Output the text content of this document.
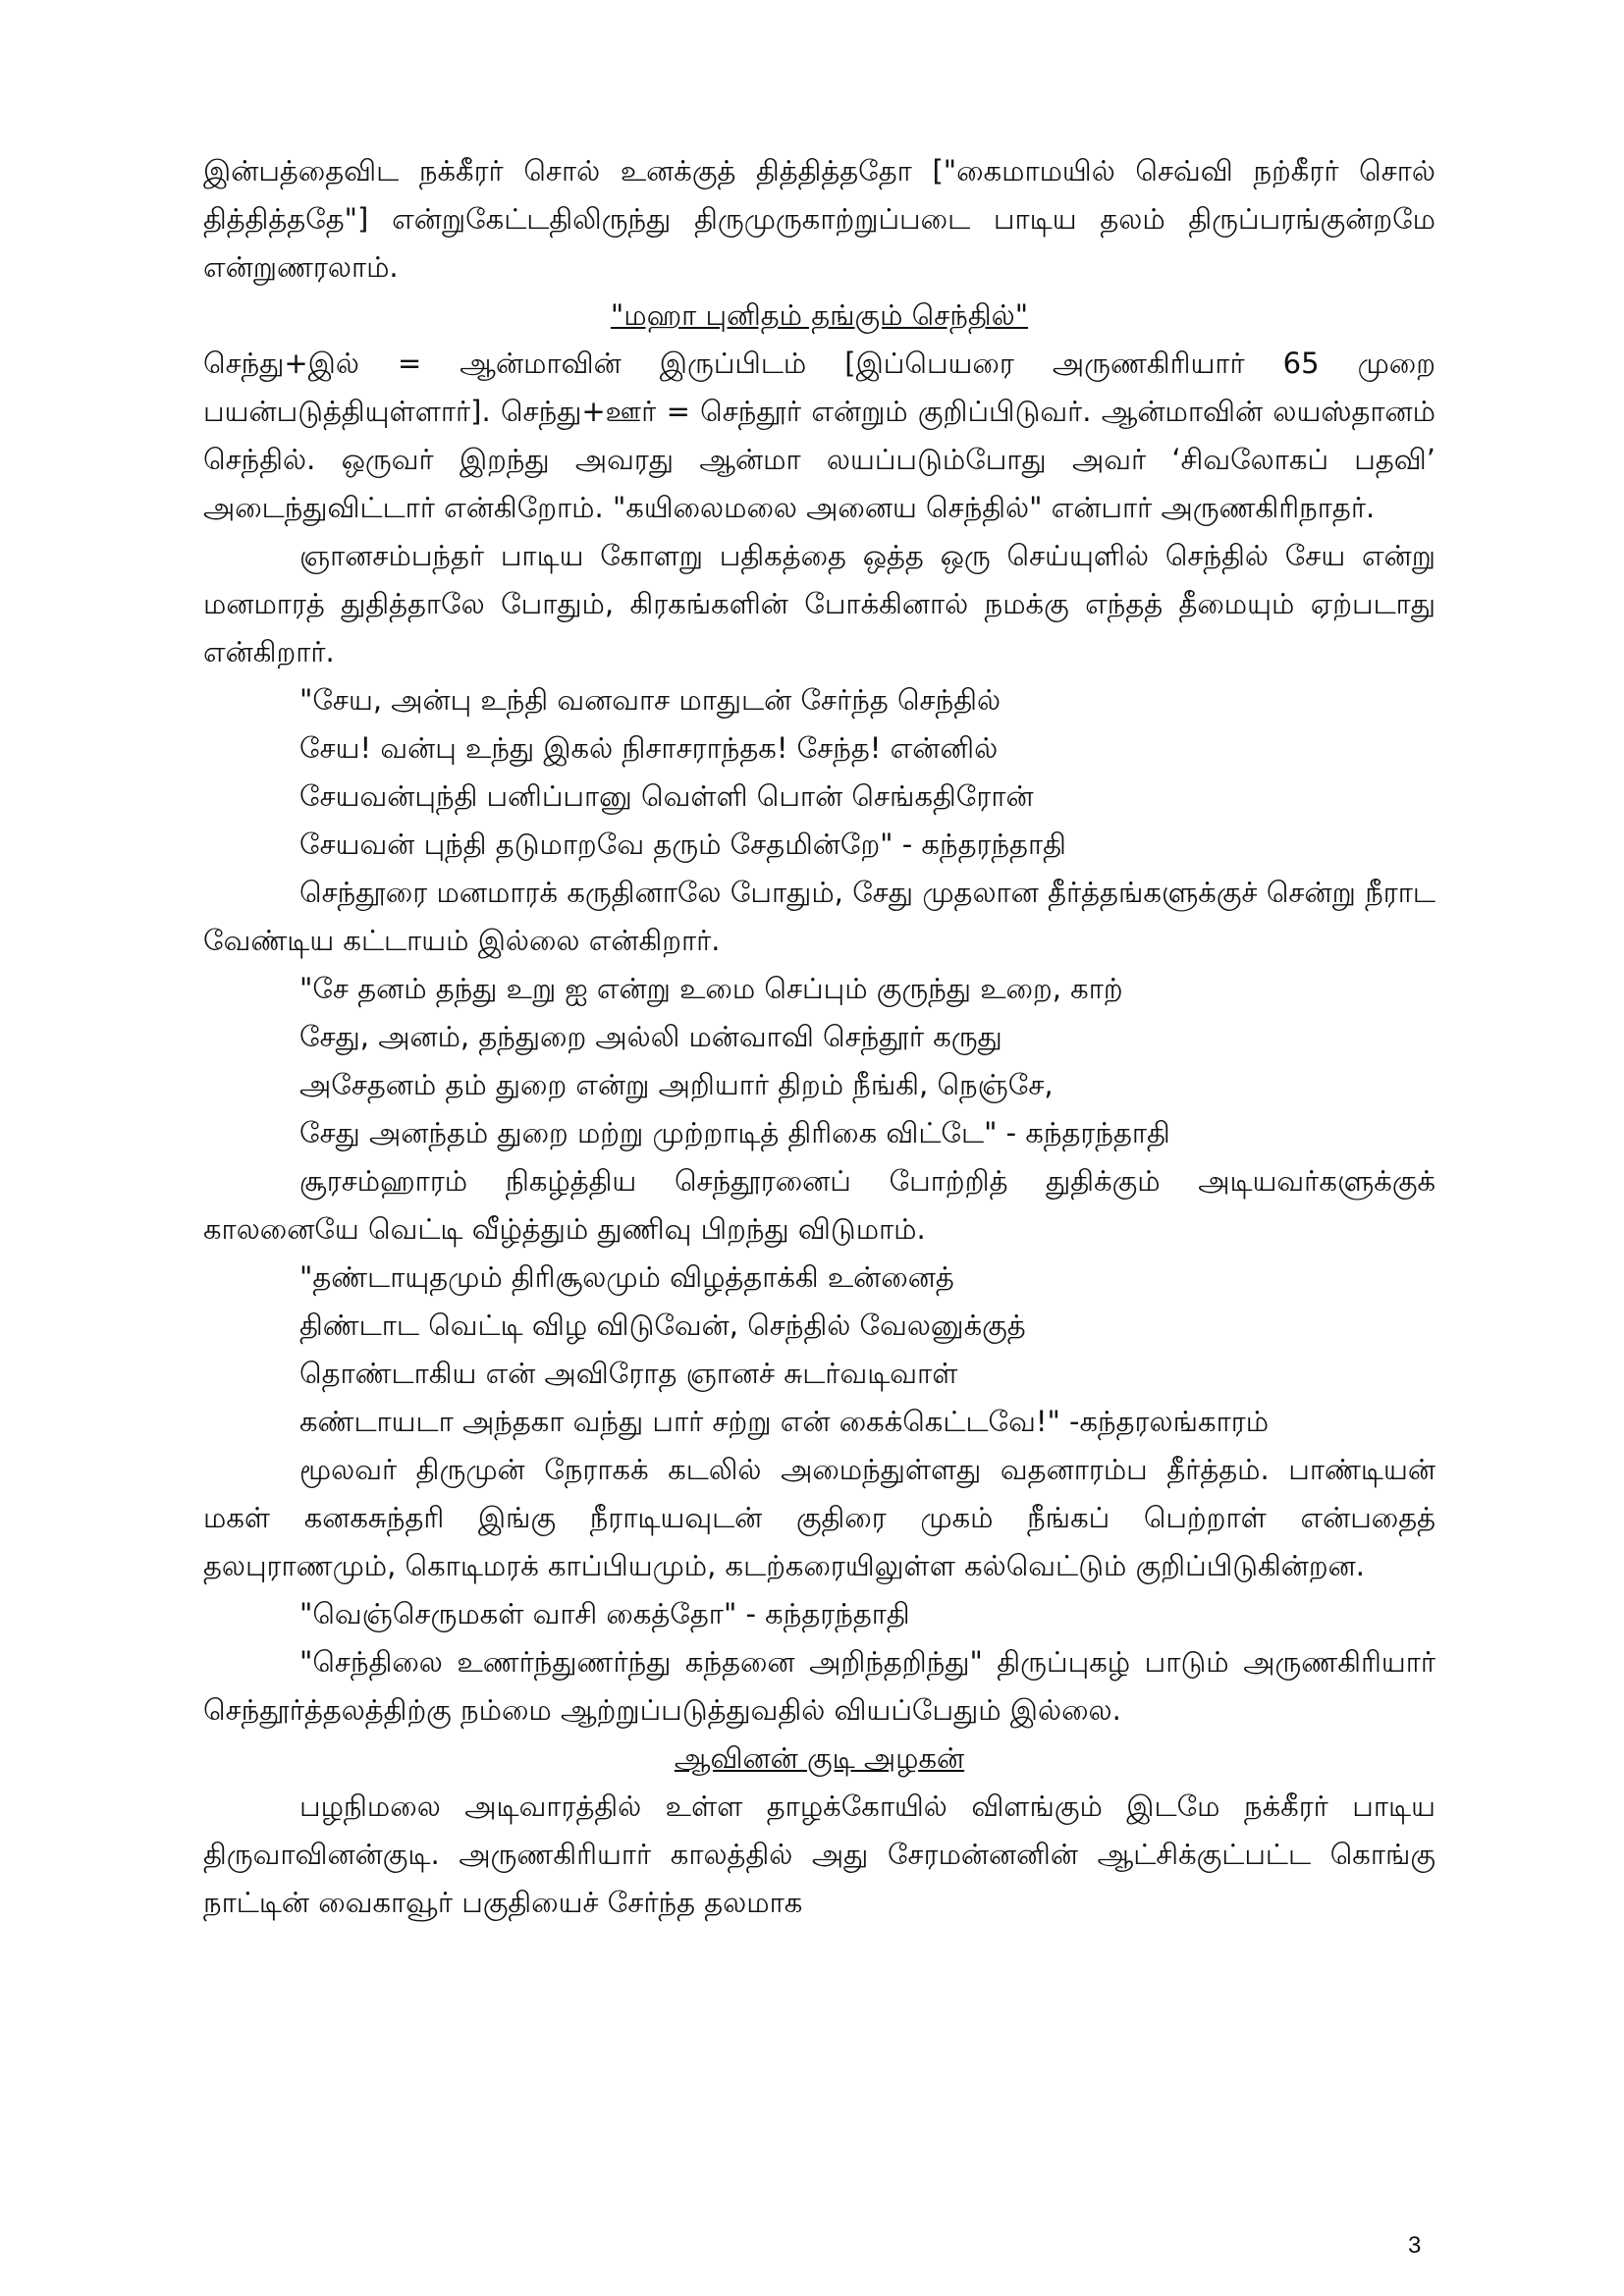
இன்பத்தைவிட நக்கீரர் சொல் உனக்குத் தித்தித்ததோ ["கைமாமயில் செவ்வி நற்கீரர் சொல் தித்தித்ததே"] என்றுகேட்டதிலிருந்து திருமுருகாற்றுப்படை பாடிய தலம் திருப்பரங்குன்றமே என்றுணரலாம்.

"மஹா புனிதம் தங்கும் செந்தில்"

செந்து+இல் = ஆன்மாவின் இருப்பிடம் [இப்பெயரை அருணகிரியார் 65 முறை பயன்படுத்தியுள்ளார்]. செந்து+ஊர் = செந்தூர் என்றும் குறிப்பிடுவர். ஆன்மாவின் லயஸ்தானம் செந்தில். ஒருவர் இறந்து அவரது ஆன்மா லயப்படும்போது அவர் ‘சிவலோகப் பதவி’ அடைந்துவிட்டார் என்கிறோம். "கயிலைமலை அனைய செந்தில்" என்பார் அருணகிரிநாதர்.

ஞானசம்பந்தர் பாடிய கோளறு பதிகத்தை ஒத்த ஒரு செய்யுளில் செந்தில் சேய என்று மனமாரத் துதித்தாலே போதும், கிரகங்களின் போக்கினால் நமக்கு எந்தத் தீமையும் ஏற்படாது என்கிறார்.

"சேய, அன்பு உந்தி வனவாச மாதுடன் சேர்ந்த செந்தில்
சேய! வன்பு உந்து இகல் நிசாசராந்தக! சேந்த! என்னில்
சேயவன்புந்தி பனிப்பானு வெள்ளி பொன் செங்கதிரோன்
சேயவன் புந்தி தடுமாறவே தரும் சேதமின்றே" - கந்தரந்தாதி

செந்தூரை மனமாரக் கருதினாலே போதும், சேது முதலான தீர்த்தங்களுக்குச் சென்று நீராட வேண்டிய கட்டாயம் இல்லை என்கிறார்.

"சே தனம் தந்து உறு ஐ என்று உமை செப்பும் குருந்து உறை, காற்
சேது, அனம், தந்துறை அல்லி மன்வாவி செந்தூர் கருது
அசேதனம் தம் துறை என்று அறியார் திறம் நீங்கி, நெஞ்சே,
சேது அனந்தம் துறை மற்று முற்றாடித் திரிகை விட்டே" - கந்தரந்தாதி

சூரசம்ஹாரம் நிகழ்த்திய செந்தூரனைப் போற்றித் துதிக்கும் அடியவர்களுக்குக் காலனையே வெட்டி வீழ்த்தும் துணிவு பிறந்து விடுமாம்.

"தண்டாயுதமும் திரிசூலமும் விழத்தாக்கி உன்னைத்
திண்டாட வெட்டி விழ விடுவேன், செந்தில் வேலனுக்குத்
தொண்டாகிய என் அவிரோத ஞானச் சுடர்வடிவாள்
கண்டாயடா அந்தகா வந்து பார் சற்று என் கைக்கெட்டவே!" -கந்தரலங்காரம்

மூலவர் திருமுன் நேராகக் கடலில் அமைந்துள்ளது வதனாரம்ப தீர்த்தம். பாண்டியன் மகள் கனகசுந்தரி இங்கு நீராடியவுடன் குதிரை முகம் நீங்கப் பெற்றாள் என்பதைத் தலபுராணமும், கொடிமரக் காப்பியமும், கடற்கரையிலுள்ள கல்வெட்டும் குறிப்பிடுகின்றன.

"வெஞ்செருமகள் வாசி கைத்தோ" - கந்தரந்தாதி

"செந்திலை உணர்ந்துணர்ந்து கந்தனை அறிந்தறிந்து" திருப்புகழ் பாடும் அருணகிரியார் செந்தூர்த்தலத்திற்கு நம்மை ஆற்றுப்படுத்துவதில் வியப்பேதும் இல்லை.

ஆவினன் குடி அழகன்

பழநிமலை அடிவாரத்தில் உள்ள தாழக்கோயில் விளங்கும் இடமே நக்கீரர் பாடிய திருவாவினன்குடி. அருணகிரியார் காலத்தில் அது சேரமன்னனின் ஆட்சிக்குட்பட்ட கொங்கு நாட்டின் வைகாவூர் பகுதியைச் சேர்ந்த தலமாக

3
